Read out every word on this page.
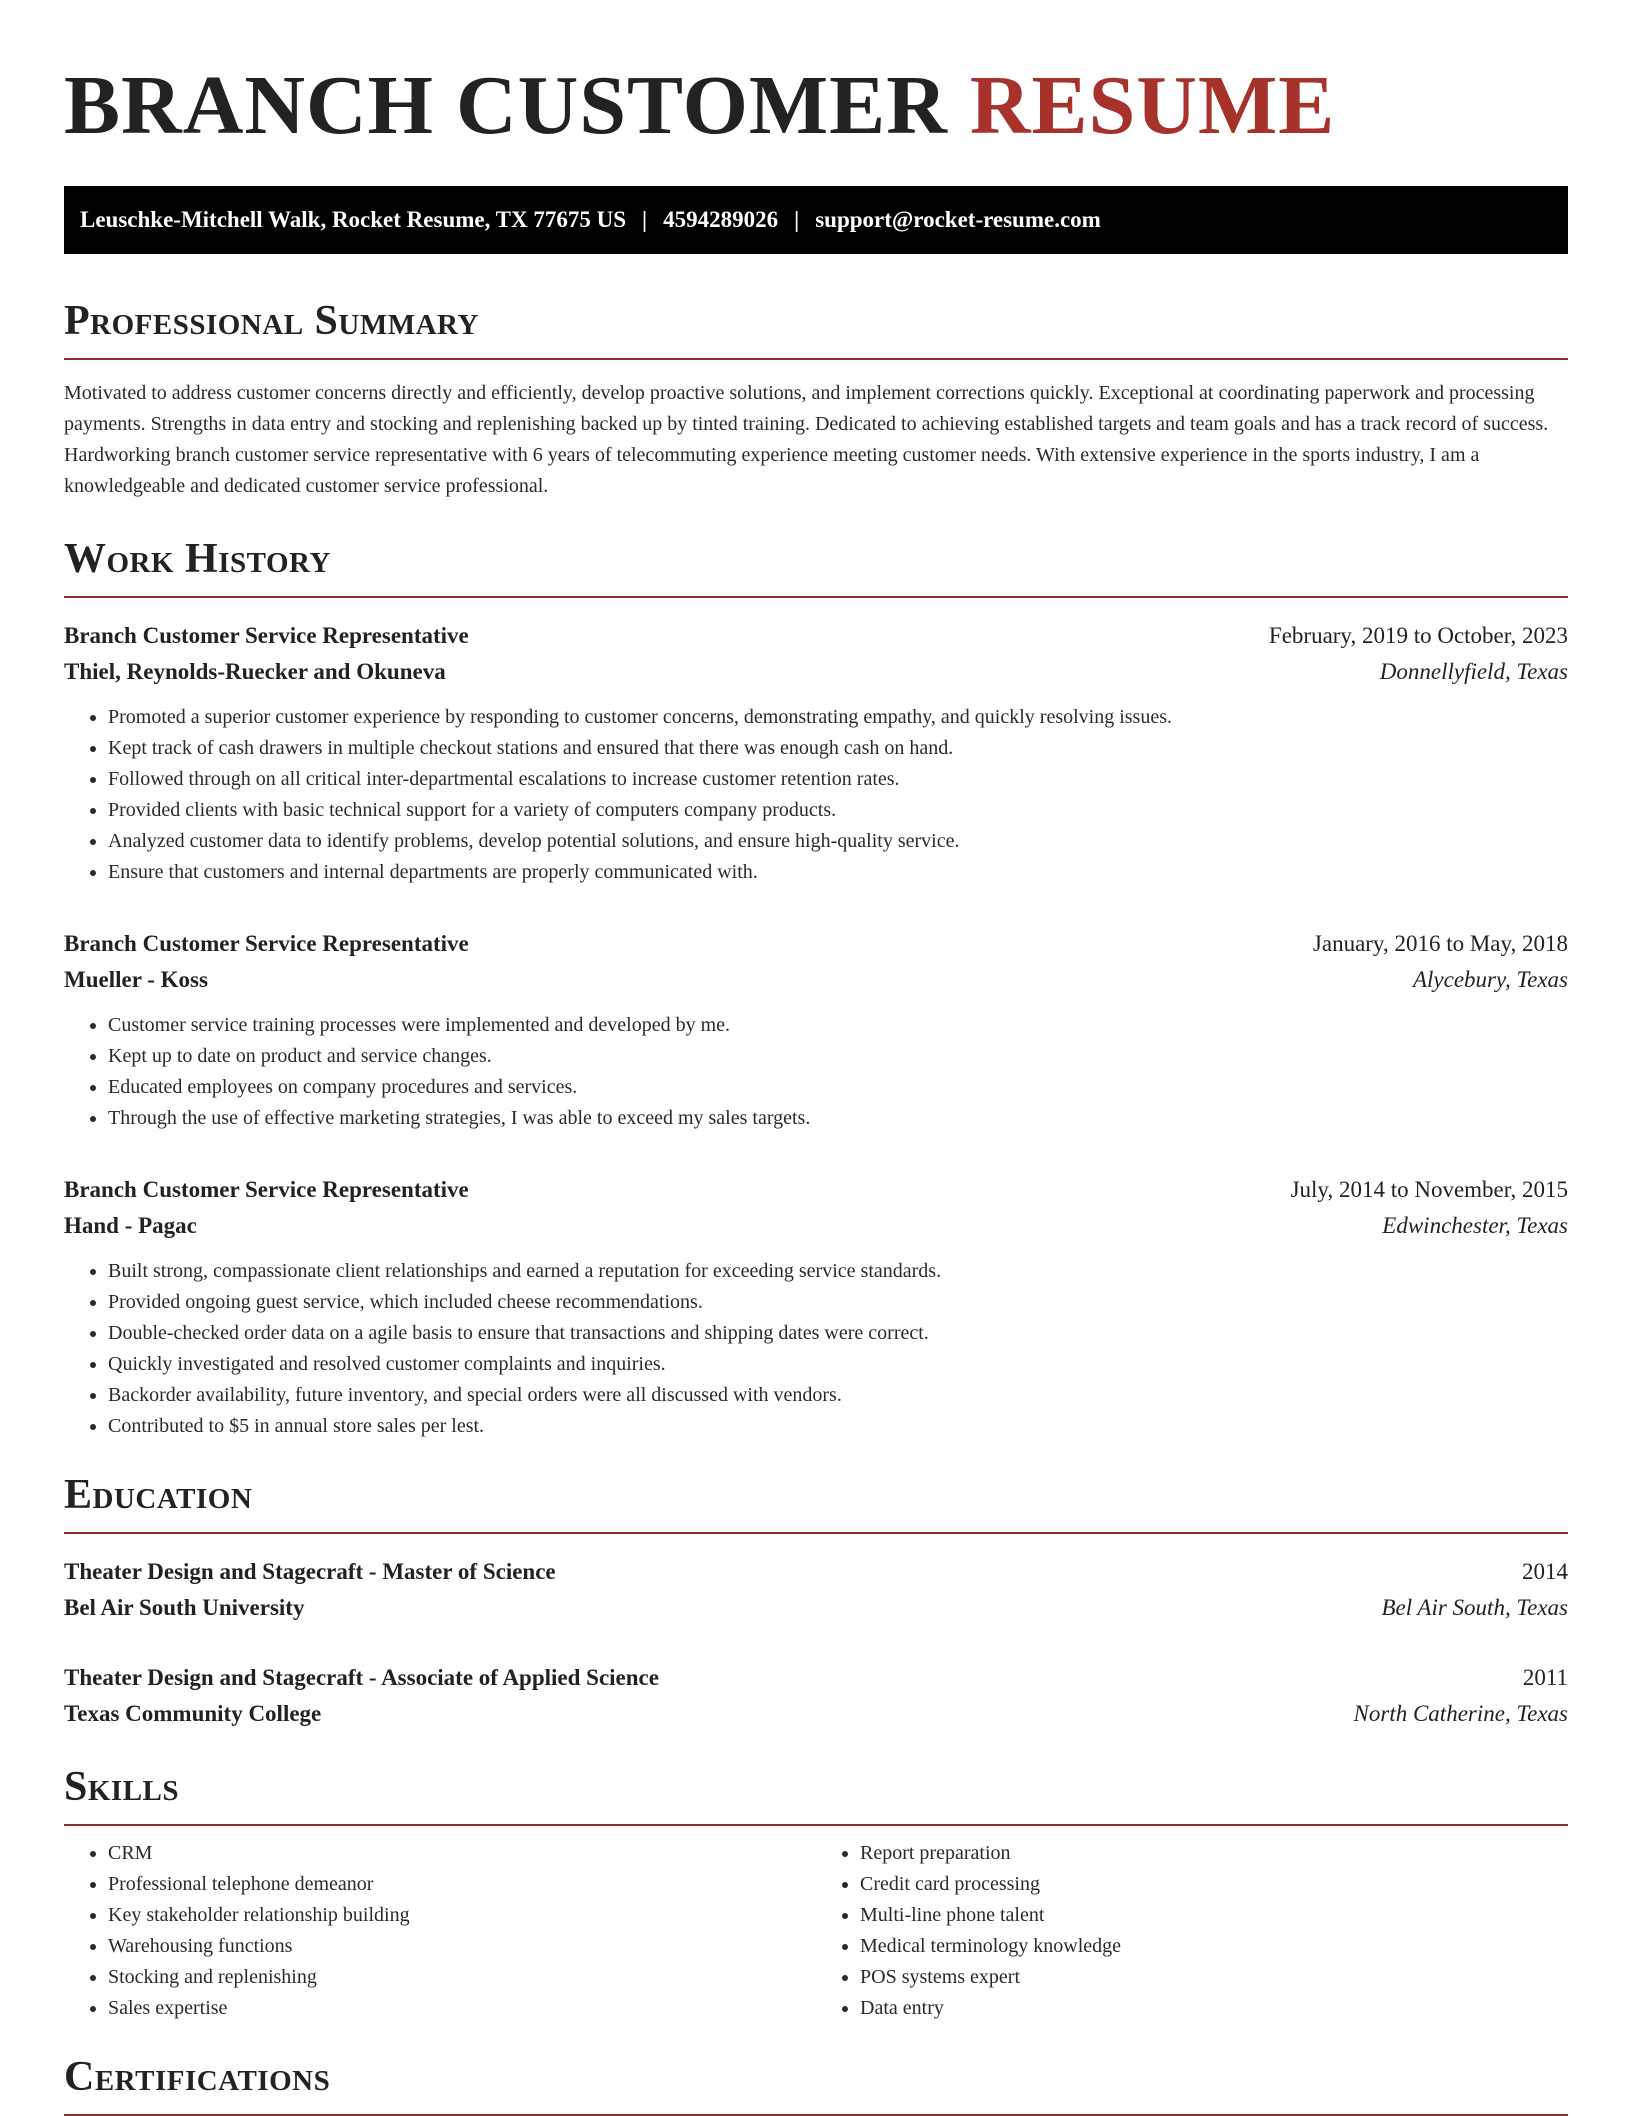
BRANCH CUSTOMER RESUME
Leuschke-Mitchell Walk, Rocket Resume, TX 77675 US | 4594289026 | support@rocket-resume.com
Professional Summary
Motivated to address customer concerns directly and efficiently, develop proactive solutions, and implement corrections quickly. Exceptional at coordinating paperwork and processing payments. Strengths in data entry and stocking and replenishing backed up by tinted training. Dedicated to achieving established targets and team goals and has a track record of success. Hardworking branch customer service representative with 6 years of telecommuting experience meeting customer needs. With extensive experience in the sports industry, I am a knowledgeable and dedicated customer service professional.
Work History
Branch Customer Service Representative	February, 2019 to October, 2023
Thiel, Reynolds-Ruecker and Okuneva	Donnellyfield, Texas
• Promoted a superior customer experience by responding to customer concerns, demonstrating empathy, and quickly resolving issues.
• Kept track of cash drawers in multiple checkout stations and ensured that there was enough cash on hand.
• Followed through on all critical inter-departmental escalations to increase customer retention rates.
• Provided clients with basic technical support for a variety of computers company products.
• Analyzed customer data to identify problems, develop potential solutions, and ensure high-quality service.
• Ensure that customers and internal departments are properly communicated with.
Branch Customer Service Representative	January, 2016 to May, 2018
Mueller - Koss	Alycebury, Texas
• Customer service training processes were implemented and developed by me.
• Kept up to date on product and service changes.
• Educated employees on company procedures and services.
• Through the use of effective marketing strategies, I was able to exceed my sales targets.
Branch Customer Service Representative	July, 2014 to November, 2015
Hand - Pagac	Edwinchester, Texas
• Built strong, compassionate client relationships and earned a reputation for exceeding service standards.
• Provided ongoing guest service, which included cheese recommendations.
• Double-checked order data on a agile basis to ensure that transactions and shipping dates were correct.
• Quickly investigated and resolved customer complaints and inquiries.
• Backorder availability, future inventory, and special orders were all discussed with vendors.
• Contributed to $5 in annual store sales per lest.
Education
Theater Design and Stagecraft - Master of Science	2014
Bel Air South University	Bel Air South, Texas
Theater Design and Stagecraft - Associate of Applied Science	2011
Texas Community College	North Catherine, Texas
Skills
• CRM
• Professional telephone demeanor
• Key stakeholder relationship building
• Warehousing functions
• Stocking and replenishing
• Sales expertise
• Report preparation
• Credit card processing
• Multi-line phone talent
• Medical terminology knowledge
• POS systems expert
• Data entry
Certifications
